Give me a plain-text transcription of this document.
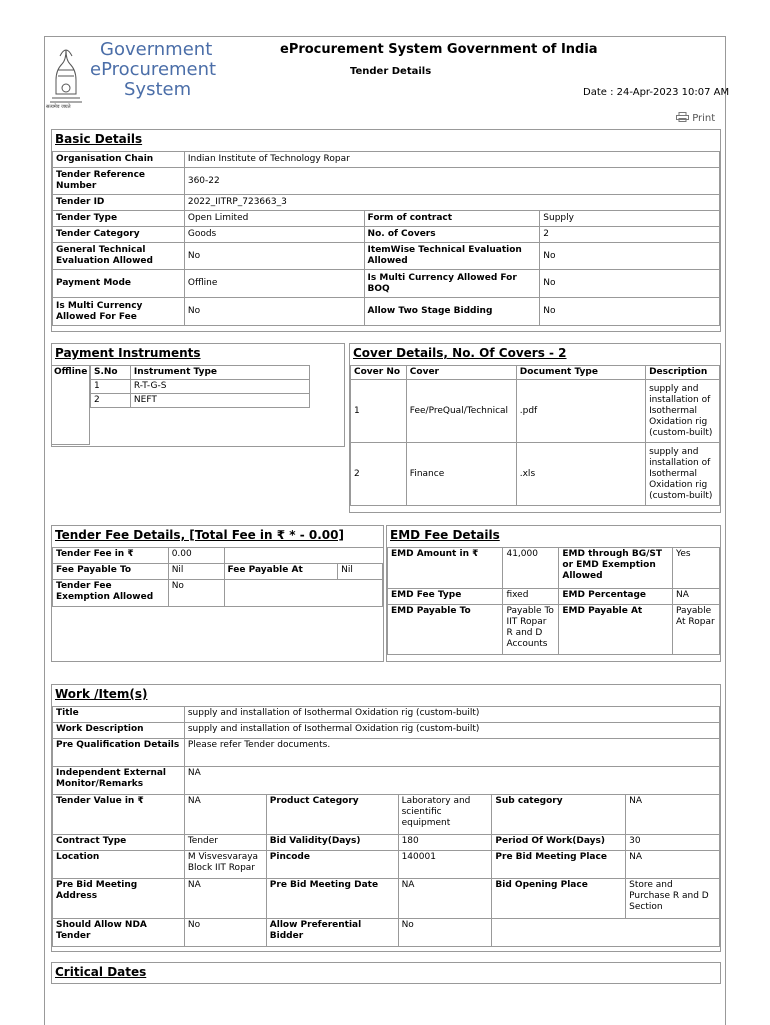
Government
eProcurement
System
सत्यमेव जयते
eProcurement System Government of India
Tender Details
Date : 24-Apr-2023 10:07 AM
Print
Basic Details
Organisation Chain	Indian Institute of Technology Ropar		
Tender Reference Number	360-22		
Tender ID	2022_IITRP_723663_3		
Tender Type	Open Limited	Form of contract	Supply
Tender Category	Goods	No. of Covers	2
General Technical Evaluation Allowed	No	ItemWise Technical Evaluation Allowed	No
Payment Mode	Offline	Is Multi Currency Allowed For BOQ	No
Is Multi Currency Allowed For Fee	No	Allow Two Stage Bidding	No
Payment Instruments
Offline S.No	Instrument Type
1	R-T-G-S
2	NEFT
Cover Details, No. Of Covers - 2
Cover No	Cover	Document Type	Description
1	Fee/PreQual/Technical	.pdf	supply and installation of Isothermal Oxidation rig (custom-built)
2	Finance	.xls	supply and installation of Isothermal Oxidation rig (custom-built)
Tender Fee Details, [Total Fee in ₹ * - 0.00]
Tender Fee in ₹	0.00		
Fee Payable To	Nil	Fee Payable At	Nil
Tender Fee Exemption Allowed	No		
EMD Fee Details
EMD Amount in ₹	41,000	EMD through BG/ST or EMD Exemption Allowed	Yes
EMD Fee Type	fixed	EMD Percentage	NA
EMD Payable To	Payable To IIT Ropar R and D Accounts	EMD Payable At	Payable At Ropar
Work /Item(s)
Title	supply and installation of Isothermal Oxidation rig (custom-built)				
Work Description	supply and installation of Isothermal Oxidation rig (custom-built)				
Pre Qualification Details	Please refer Tender documents.				
Independent External Monitor/Remarks	NA				
Tender Value in ₹	NA	Product Category	Laboratory and scientific equipment	Sub category	NA
Contract Type	Tender	Bid Validity(Days)	180	Period Of Work(Days)	30
Location	M Visvesvaraya Block IIT Ropar	Pincode	140001	Pre Bid Meeting Place	NA
Pre Bid Meeting Address	NA	Pre Bid Meeting Date	NA	Bid Opening Place	Store and Purchase R and D Section
Should Allow NDA Tender	No	Allow Preferential Bidder	No		
Critical Dates
